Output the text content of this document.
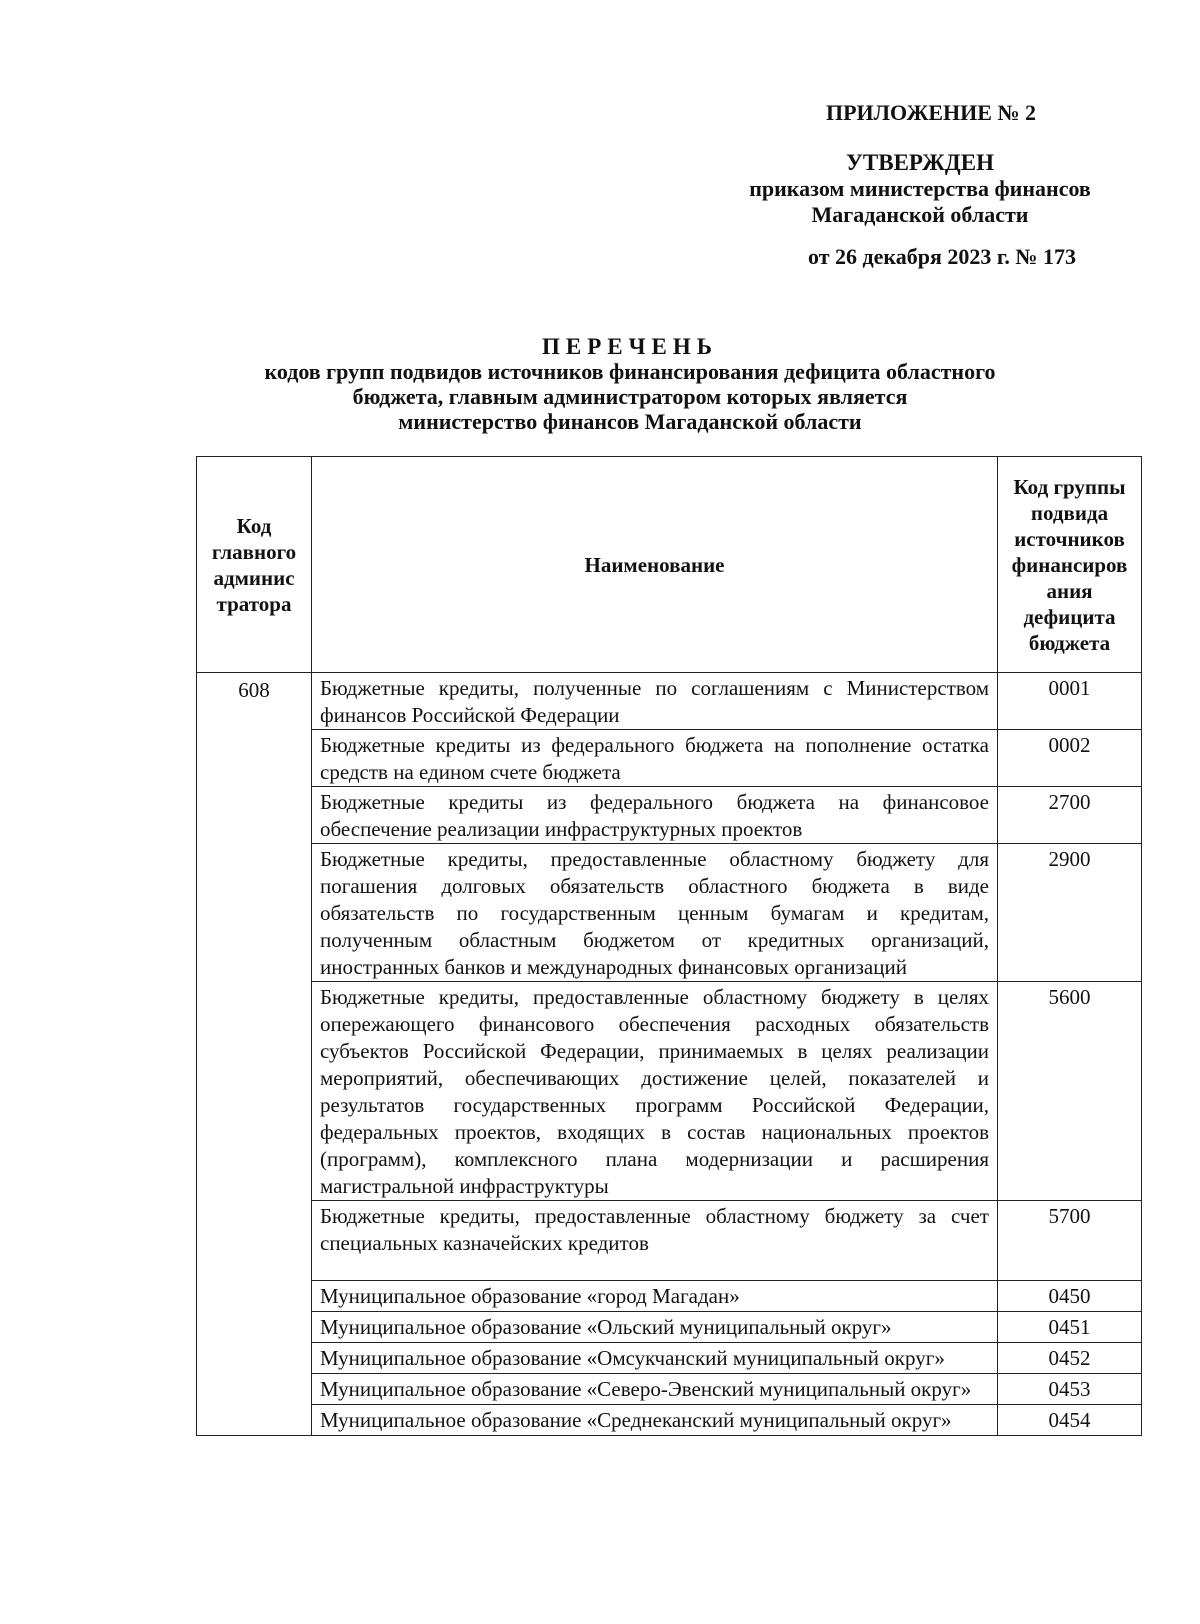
ПРИЛОЖЕНИЕ № 2
УТВЕРЖДЕН
приказом министерства финансов
Магаданской области
от 26 декабря 2023 г. № 173
ПЕРЕЧЕНЬ
кодов групп подвидов источников финансирования дефицита областного
бюджета, главным администратором которых является
министерство финансов Магаданской области
Код главного админис тратора	Наименование	Код группы подвида источников финансиров ания дефицита бюджета
608	Бюджетные кредиты, полученные по соглашениям с Министерством финансов Российской Федерации	0001
	Бюджетные кредиты из федерального бюджета на пополнение остатка средств на едином счете бюджета	0002
	Бюджетные кредиты из федерального бюджета на финансовое обеспечение реализации инфраструктурных проектов	2700
	Бюджетные кредиты, предоставленные областному бюджету для погашения долговых обязательств областного бюджета в виде обязательств по государственным ценным бумагам и кредитам, полученным областным бюджетом от кредитных организаций, иностранных банков и международных финансовых организаций	2900
	Бюджетные кредиты, предоставленные областному бюджету в целях опережающего финансового обеспечения расходных обязательств субъектов Российской Федерации, принимаемых в целях реализации мероприятий, обеспечивающих достижение целей, показателей и результатов государственных программ Российской Федерации, федеральных проектов, входящих в состав национальных проектов (программ), комплексного плана модернизации и расширения магистральной инфраструктуры	5600
	Бюджетные кредиты, предоставленные областному бюджету за счет специальных казначейских кредитов	5700
	Муниципальное образование «город Магадан»	0450
	Муниципальное образование «Ольский муниципальный округ»	0451
	Муниципальное образование «Омсукчанский муниципальный округ»	0452
	Муниципальное образование «Северо-Эвенский муниципальный округ»	0453
	Муниципальное образование «Среднеканский муниципальный округ»	0454
